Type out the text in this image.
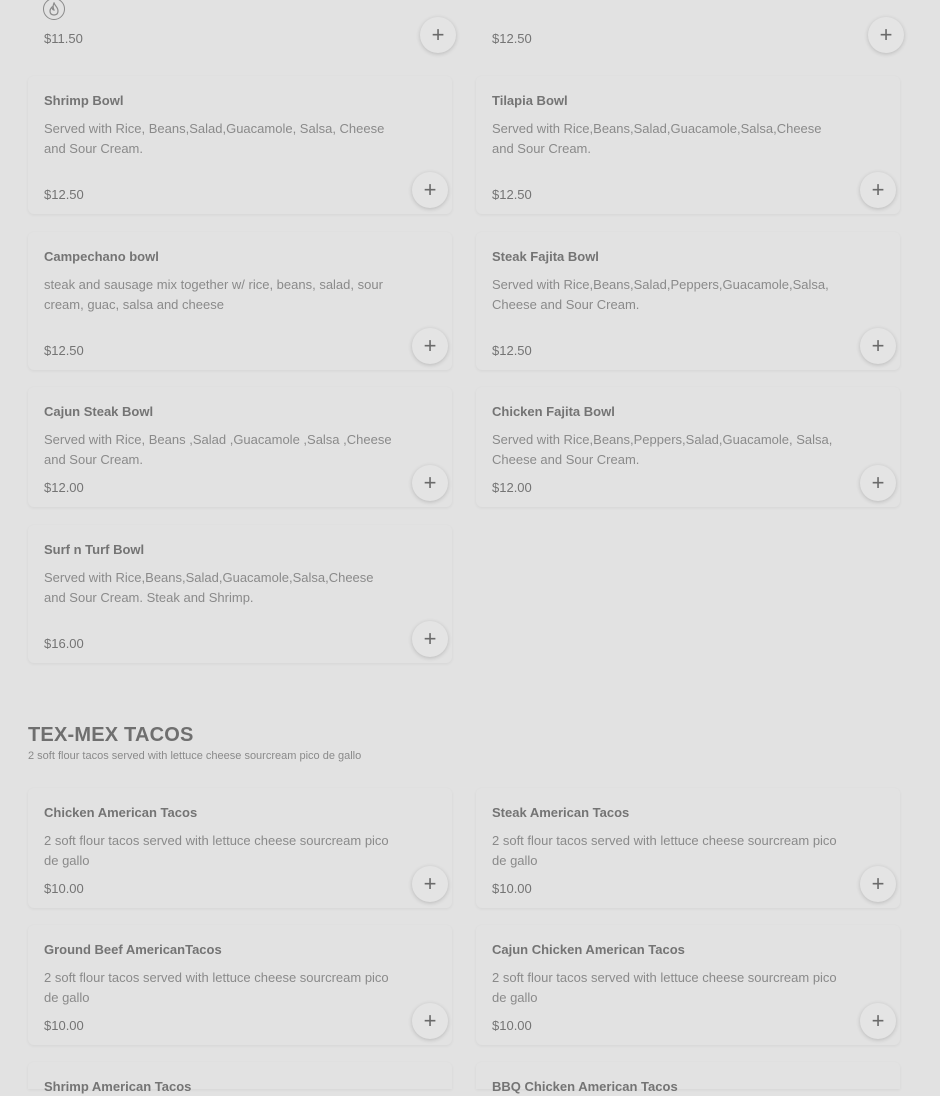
$11.50	+	$12.50	+
Shrimp Bowl
Served with Rice, Beans,Salad,Guacamole, Salsa, Cheese and Sour Cream.
$12.50	+
Tilapia Bowl
Served with Rice,Beans,Salad,Guacamole,Salsa,Cheese and Sour Cream.
$12.50	+
Campechano bowl
steak and sausage mix together w/ rice, beans, salad, sour cream, guac, salsa and cheese
$12.50	+
Steak Fajita Bowl
Served with Rice,Beans,Salad,Peppers,Guacamole,Salsa, Cheese and Sour Cream.
$12.50	+
Cajun Steak Bowl
Served with Rice, Beans ,Salad ,Guacamole ,Salsa ,Cheese and Sour Cream.
$12.00	+
Chicken Fajita Bowl
Served with Rice,Beans,Peppers,Salad,Guacamole, Salsa, Cheese and Sour Cream.
$12.00	+
Surf n Turf Bowl
Served with Rice,Beans,Salad,Guacamole,Salsa,Cheese and Sour Cream. Steak and Shrimp.
$16.00	+
TEX-MEX TACOS
2 soft flour tacos served with lettuce cheese sourcream pico de gallo
Chicken American Tacos
2 soft flour tacos served with lettuce cheese sourcream pico de gallo
$10.00	+
Steak American Tacos
2 soft flour tacos served with lettuce cheese sourcream pico de gallo
$10.00	+
Ground Beef AmericanTacos
2 soft flour tacos served with lettuce cheese sourcream pico de gallo
$10.00	+
Cajun Chicken American Tacos
2 soft flour tacos served with lettuce cheese sourcream pico de gallo
$10.00	+
Shrimp American Tacos	BBQ Chicken American Tacos
